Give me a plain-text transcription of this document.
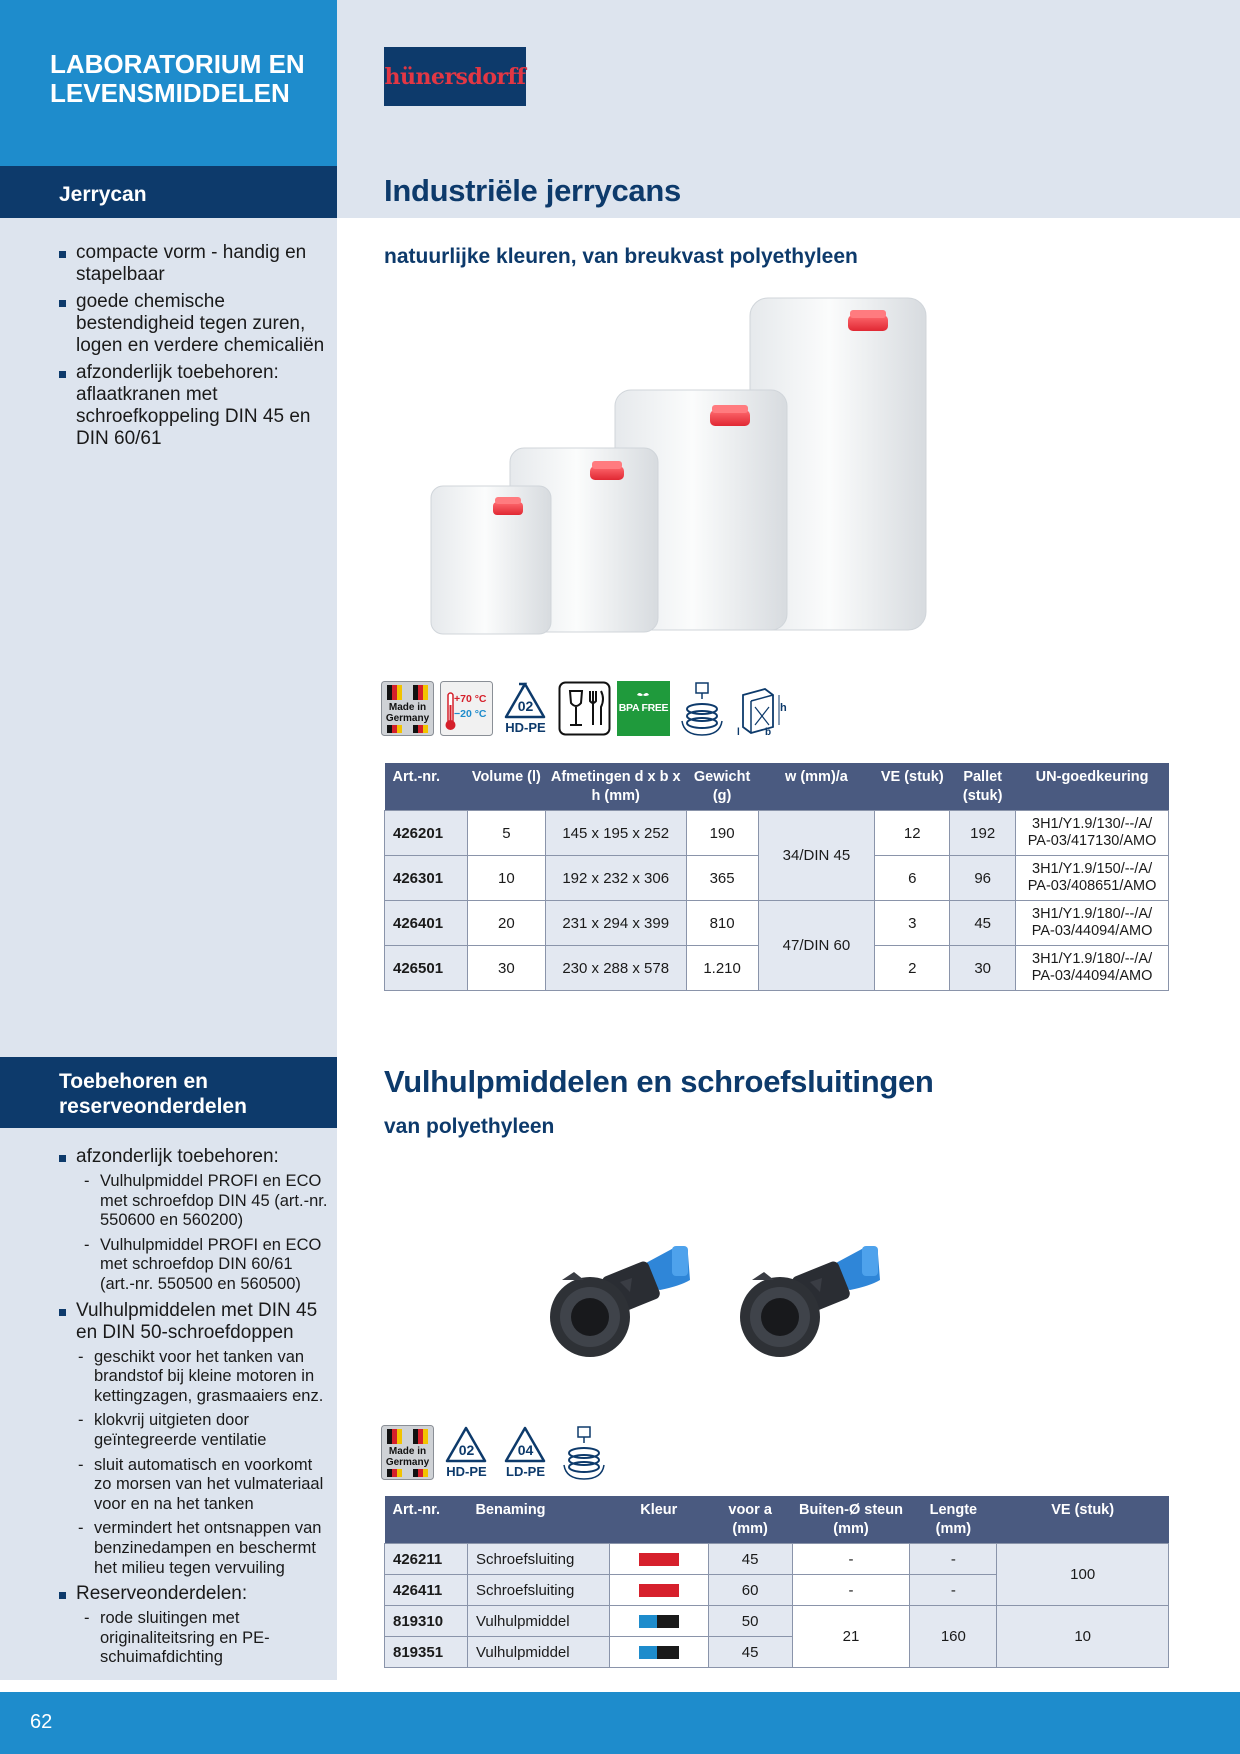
LABORATORIUM EN LEVENSMIDDELEN
Jerrycan
compacte vorm - handig en stapelbaar
goede chemische bestendigheid tegen zuren, logen en verdere chemicaliën
afzonderlijk toebehoren: aflaatkranen met schroefkoppeling DIN 45 en DIN 60/61
Toebehoren en reserveonderdelen
afzonderlijk toebehoren:
- Vulhulpmiddel PROFI en ECO met schroefdop DIN 45 (art.-nr. 550600 en 560200)
- Vulhulpmiddel PROFI en ECO met schroefdop DIN 60/61 (art.-nr. 550500 en 560500)
Vulhulpmiddelen met DIN 45 en DIN 50-schroefdoppen
- geschikt voor het tanken van brandstof bij kleine motoren in kettingzagen, grasmaaiers enz.
- klokvrij uitgieten door geïntegreerde ventilatie
- sluit automatisch en voorkomt zo morsen van het vulmateriaal voor en na het tanken
- vermindert het ontsnappen van benzinedampen en beschermt het milieu tegen vervuiling
Reserveonderdelen:
- rode sluitingen met originaliteitsring en PE-schuimafdichting
hünersdorff
Industriële jerrycans
natuurlijke kleuren, van breukvast polyethyleen
Made in
Germany
+70 °C
−20 °C	02
HD-PE
BPA FREE	h
b
l
Art.-nr.	Volume (l)	Afmetingen d x b x h (mm)	Gewicht (g)	w (mm)/a	VE (stuk)	Pallet (stuk)	UN-goedkeuring
426201	5	145 x 195 x 252	190	34/DIN 45	12	192	3H1/Y1.9/130/--/A/ PA-03/417130/AMO
426301	10	192 x 232 x 306	365		6	96	3H1/Y1.9/150/--/A/ PA-03/408651/AMO
426401	20	231 x 294 x 399	810	47/DIN 60	3	45	3H1/Y1.9/180/--/A/ PA-03/44094/AMO
426501	30	230 x 288 x 578	1.210		2	30	3H1/Y1.9/180/--/A/ PA-03/44094/AMO
Vulhulpmiddelen en schroefsluitingen
van polyethyleen
Made in
Germany
02
HD-PE
04
LD-PE
Art.-nr.	Benaming	Kleur	voor a (mm)	Buiten-Ø steun (mm)	Lengte (mm)	VE (stuk)
426211	Schroefsluiting		45	-	-	100
426411	Schroefsluiting		60	-	-	
819310	Vulhulpmiddel		50	21	160	10
819351	Vulhulpmiddel		45			
62
